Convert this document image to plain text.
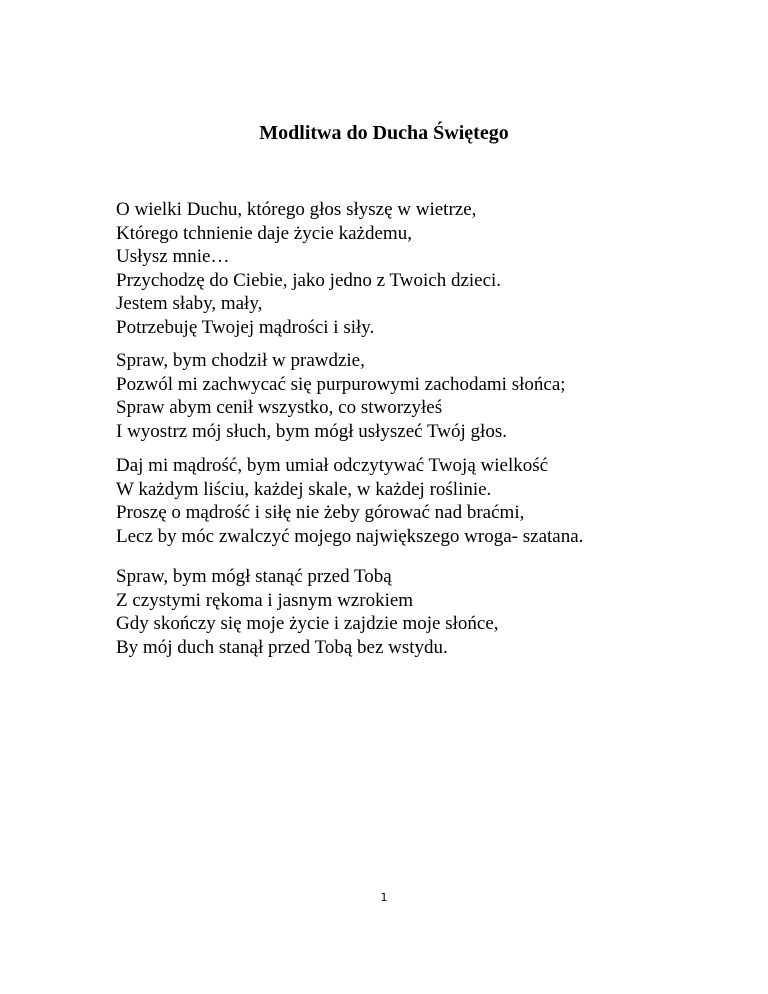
Modlitwa do Ducha Świętego
O wielki Duchu, którego głos słyszę w wietrze,
Którego tchnienie daje życie każdemu,
Usłysz mnie…
Przychodzę do Ciebie, jako jedno z Twoich dzieci.
Jestem słaby, mały,
Potrzebuję Twojej mądrości i siły.
Spraw, bym chodził w prawdzie,
Pozwól mi zachwycać się purpurowymi zachodami słońca;
Spraw abym cenił wszystko, co stworzyłeś
I wyostrz mój słuch, bym mógł usłyszeć Twój głos.
Daj mi mądrość, bym umiał odczytywać Twoją wielkość
W każdym liściu, każdej skale, w każdej roślinie.
Proszę o mądrość i siłę nie żeby górować nad braćmi,
Lecz by móc zwalczyć mojego największego wroga- szatana.
Spraw, bym mógł stanąć przed Tobą
Z czystymi rękoma i jasnym wzrokiem
Gdy skończy się moje życie i zajdzie moje słońce,
By mój duch stanął przed Tobą bez wstydu.
1
